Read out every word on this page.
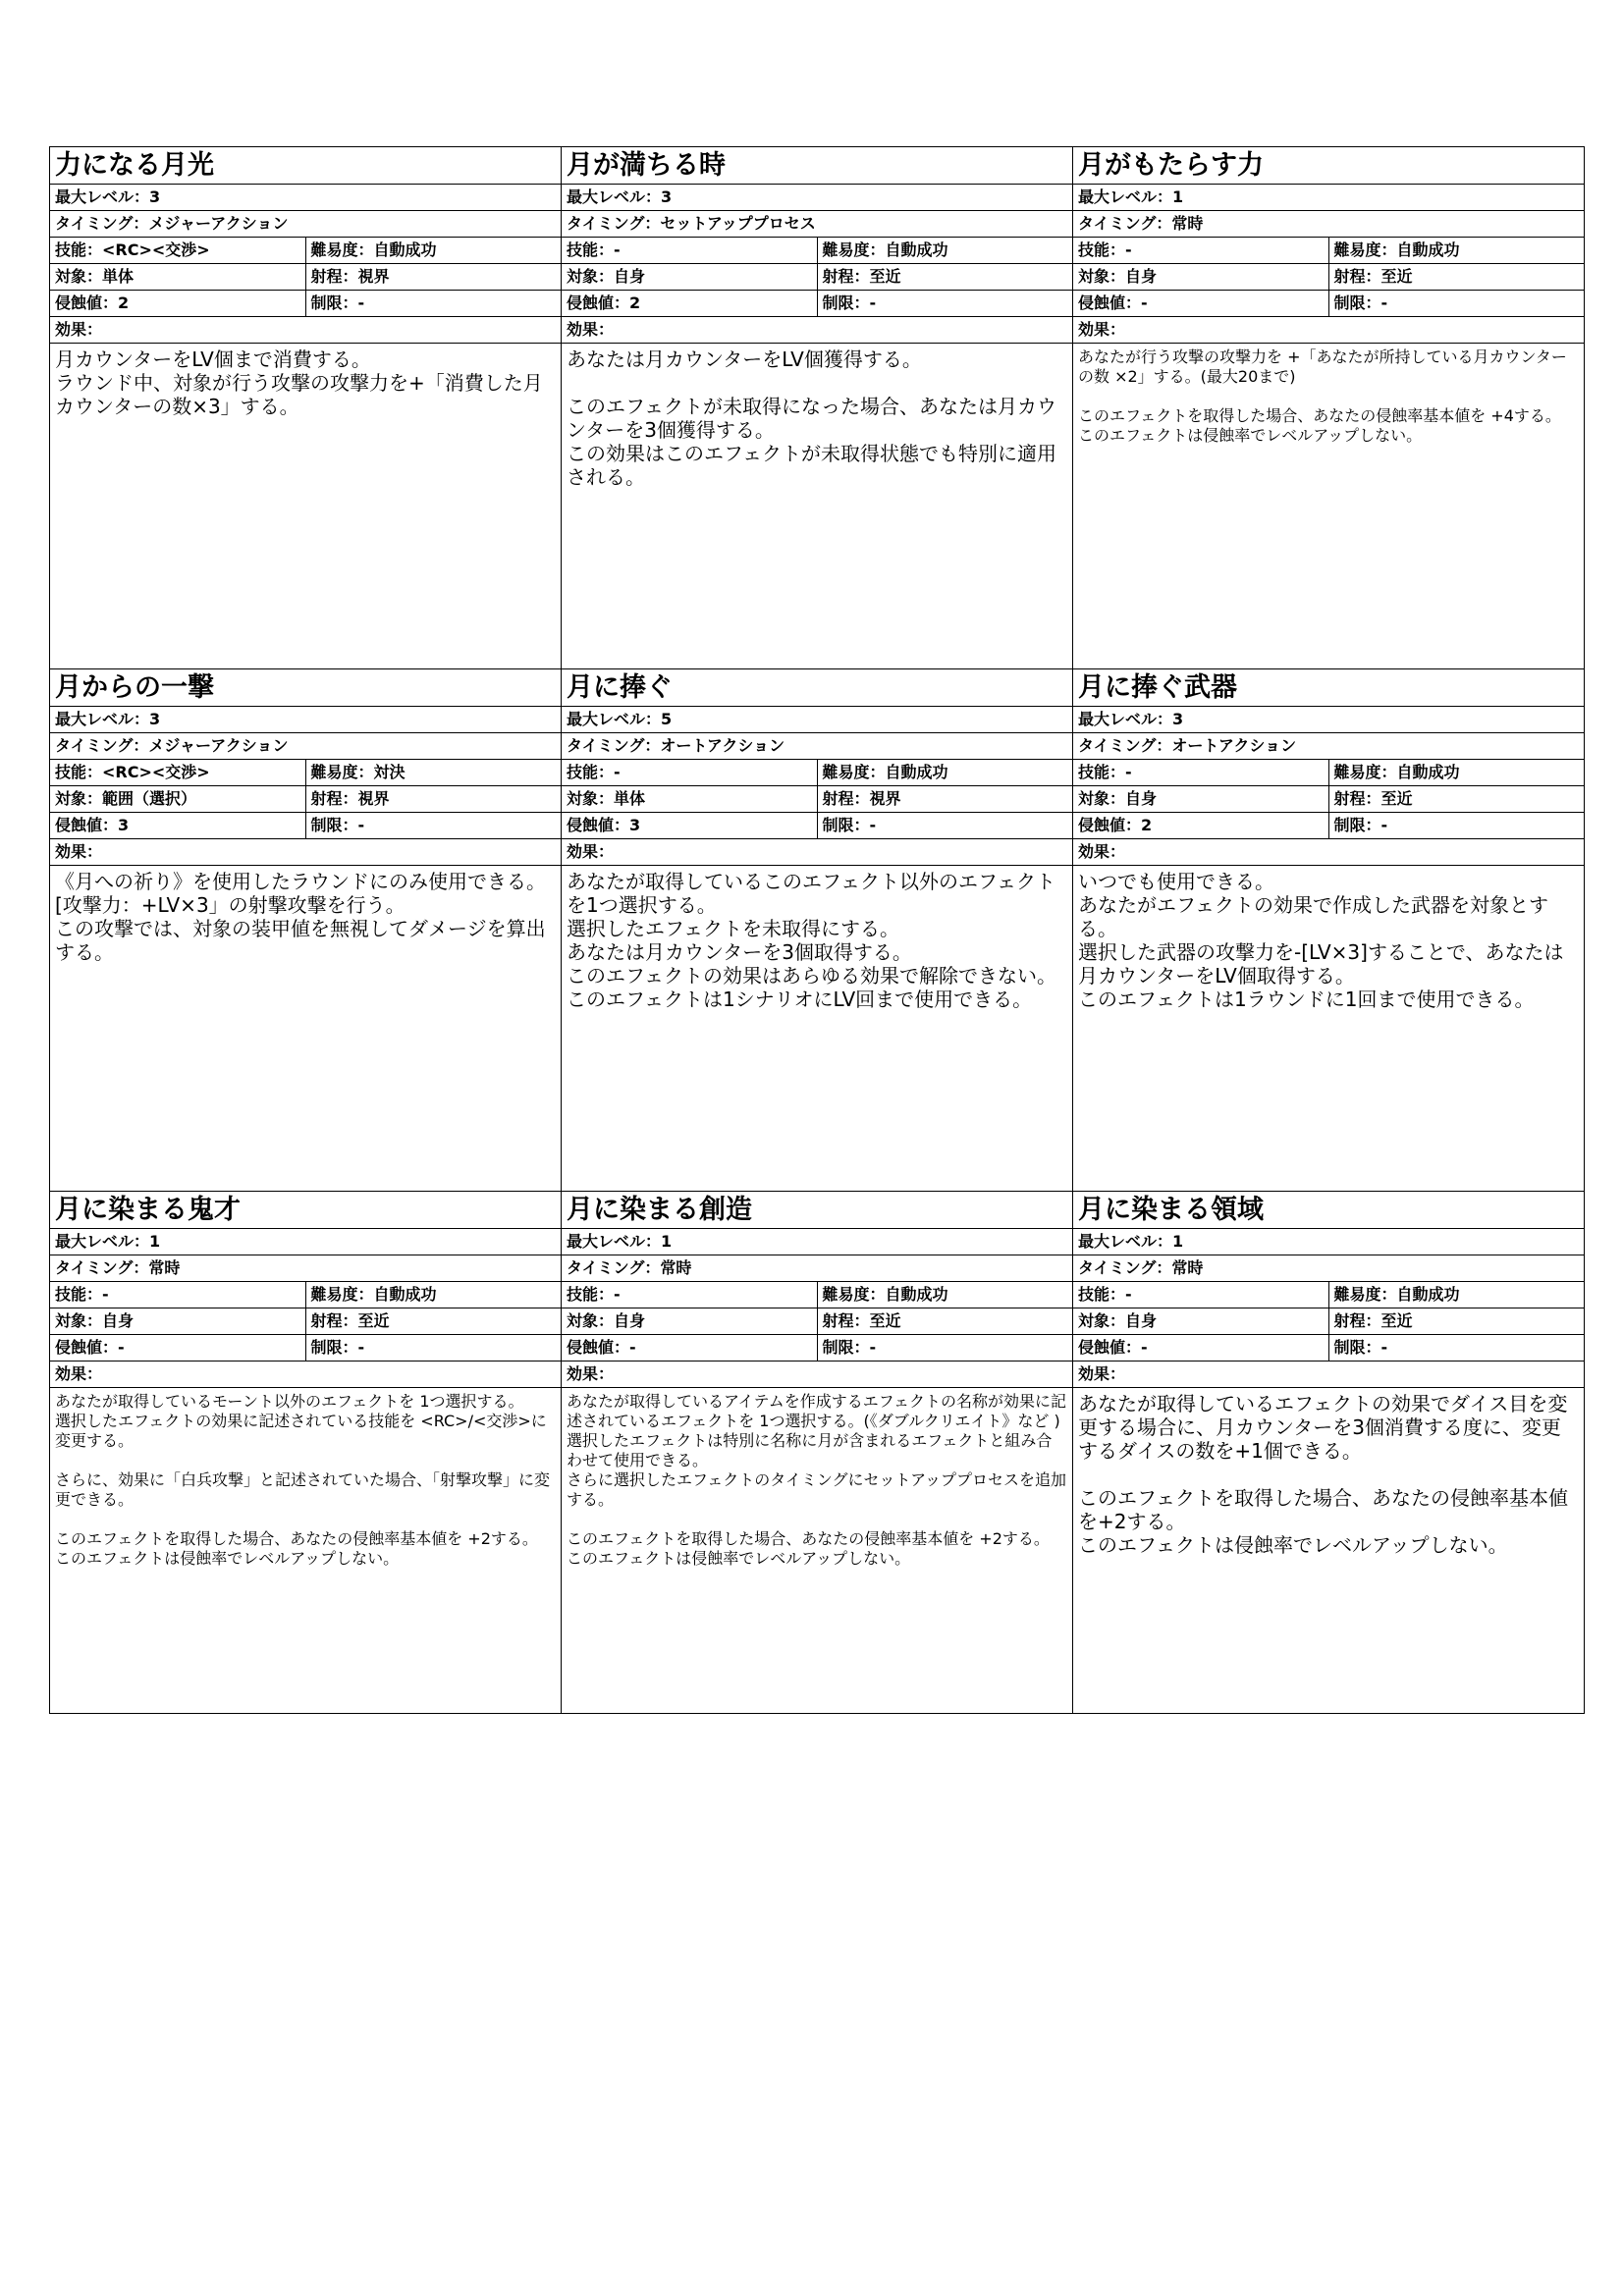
力になる月光
最大レベル：3
タイミング：メジャーアクション
技能：<RC><交渉>	難易度：自動成功
対象：単体	射程：視界
侵蝕値：2	制限：-
効果：
月カウンターをLV個まで消費する。
ラウンド中、対象が行う攻撃の攻撃力を+「消費した月カウンターの数×3」する。
月が満ちる時
最大レベル：3
タイミング：セットアッププロセス
技能：-	難易度：自動成功
対象：自身	射程：至近
侵蝕値：2	制限：-
効果：
あなたは月カウンターをLV個獲得する。

このエフェクトが未取得になった場合、あなたは月カウンターを3個獲得する。
この効果はこのエフェクトが未取得状態でも特別に適用される。
月がもたらす力
最大レベル：1
タイミング：常時
技能：-	難易度：自動成功
対象：自身	射程：至近
侵蝕値：-	制限：-
効果：
あなたが行う攻撃の攻撃力を +「あなたが所持している月カウンターの数 ×2」する。(最大20まで)

このエフェクトを取得した場合、あなたの侵蝕率基本値を +4する。
このエフェクトは侵蝕率でレベルアップしない。
月からの一撃
最大レベル：3
タイミング：メジャーアクション
技能：<RC><交渉>	難易度：対決
対象：範囲（選択）	射程：視界
侵蝕値：3	制限：-
効果：
《月への祈り》を使用したラウンドにのみ使用できる。
[攻撃力：+LV×3」の射撃攻撃を行う。
この攻撃では、対象の装甲値を無視してダメージを算出する。
月に捧ぐ
最大レベル：5
タイミング：オートアクション
技能：-	難易度：自動成功
対象：単体	射程：視界
侵蝕値：3	制限：-
効果：
あなたが取得しているこのエフェクト以外のエフェクトを1つ選択する。
選択したエフェクトを未取得にする。
あなたは月カウンターを3個取得する。
このエフェクトの効果はあらゆる効果で解除できない。
このエフェクトは1シナリオにLV回まで使用できる。
月に捧ぐ武器
最大レベル：3
タイミング：オートアクション
技能：-	難易度：自動成功
対象：自身	射程：至近
侵蝕値：2	制限：-
効果：
いつでも使用できる。
あなたがエフェクトの効果で作成した武器を対象とする。
選択した武器の攻撃力を-[LV×3]することで、あなたは月カウンターをLV個取得する。
このエフェクトは1ラウンドに1回まで使用できる。
月に染まる鬼才
最大レベル：1
タイミング：常時
技能：-	難易度：自動成功
対象：自身	射程：至近
侵蝕値：-	制限：-
効果：
あなたが取得しているモーント以外のエフェクトを 1つ選択する。
選択したエフェクトの効果に記述されている技能を <RC>/<交渉>に変更する。

さらに、効果に「白兵攻撃」と記述されていた場合、「射撃攻撃」に変更できる。

このエフェクトを取得した場合、あなたの侵蝕率基本値を +2する。
このエフェクトは侵蝕率でレベルアップしない。
月に染まる創造
最大レベル：1
タイミング：常時
技能：-	難易度：自動成功
対象：自身	射程：至近
侵蝕値：-	制限：-
効果：
あなたが取得しているアイテムを作成するエフェクトの名称が効果に記述されているエフェクトを 1つ選択する。(《ダブルクリエイト》など )
選択したエフェクトは特別に名称に月が含まれるエフェクトと組み合わせて使用できる。
さらに選択したエフェクトのタイミングにセットアッププロセスを追加する。

このエフェクトを取得した場合、あなたの侵蝕率基本値を +2する。
このエフェクトは侵蝕率でレベルアップしない。
月に染まる領域
最大レベル：1
タイミング：常時
技能：-	難易度：自動成功
対象：自身	射程：至近
侵蝕値：-	制限：-
効果：
あなたが取得しているエフェクトの効果でダイス目を変更する場合に、月カウンターを3個消費する度に、変更するダイスの数を+1個できる。

このエフェクトを取得した場合、あなたの侵蝕率基本値を+2する。
このエフェクトは侵蝕率でレベルアップしない。
